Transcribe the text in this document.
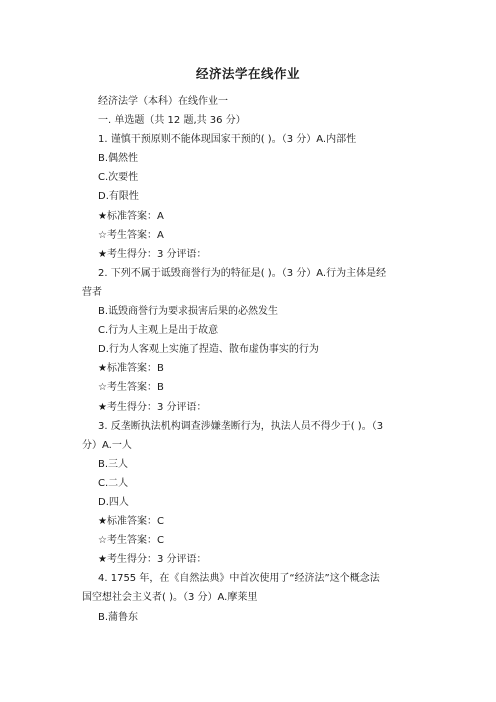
经济法学在线作业
经济法学（本科）在线作业一
一. 单选题（共 12 题,共 36 分）
1. 谨慎干预原则不能体现国家干预的( )。（3 分）A.内部性
B.偶然性
C.次要性
D.有限性
★标准答案：A
☆考生答案：A
★考生得分：3 分评语：
2. 下列不属于诋毁商誉行为的特征是( )。（3 分）A.行为主体是经
营者
B.诋毁商誉行为要求损害后果的必然发生
C.行为人主观上是出于故意
D.行为人客观上实施了捏造、散布虚伪事实的行为
★标准答案：B
☆考生答案：B
★考生得分：3 分评语：
3. 反垄断执法机构调查涉嫌垄断行为，执法人员不得少于( )。（3
分）A.一人
B.三人
C.二人
D.四人
★标准答案：C
☆考生答案：C
★考生得分：3 分评语：
4. 1755 年，在《自然法典》中首次使用了“经济法”这个概念法
国空想社会主义者( )。（3 分）A.摩莱里
B.蒲鲁东
